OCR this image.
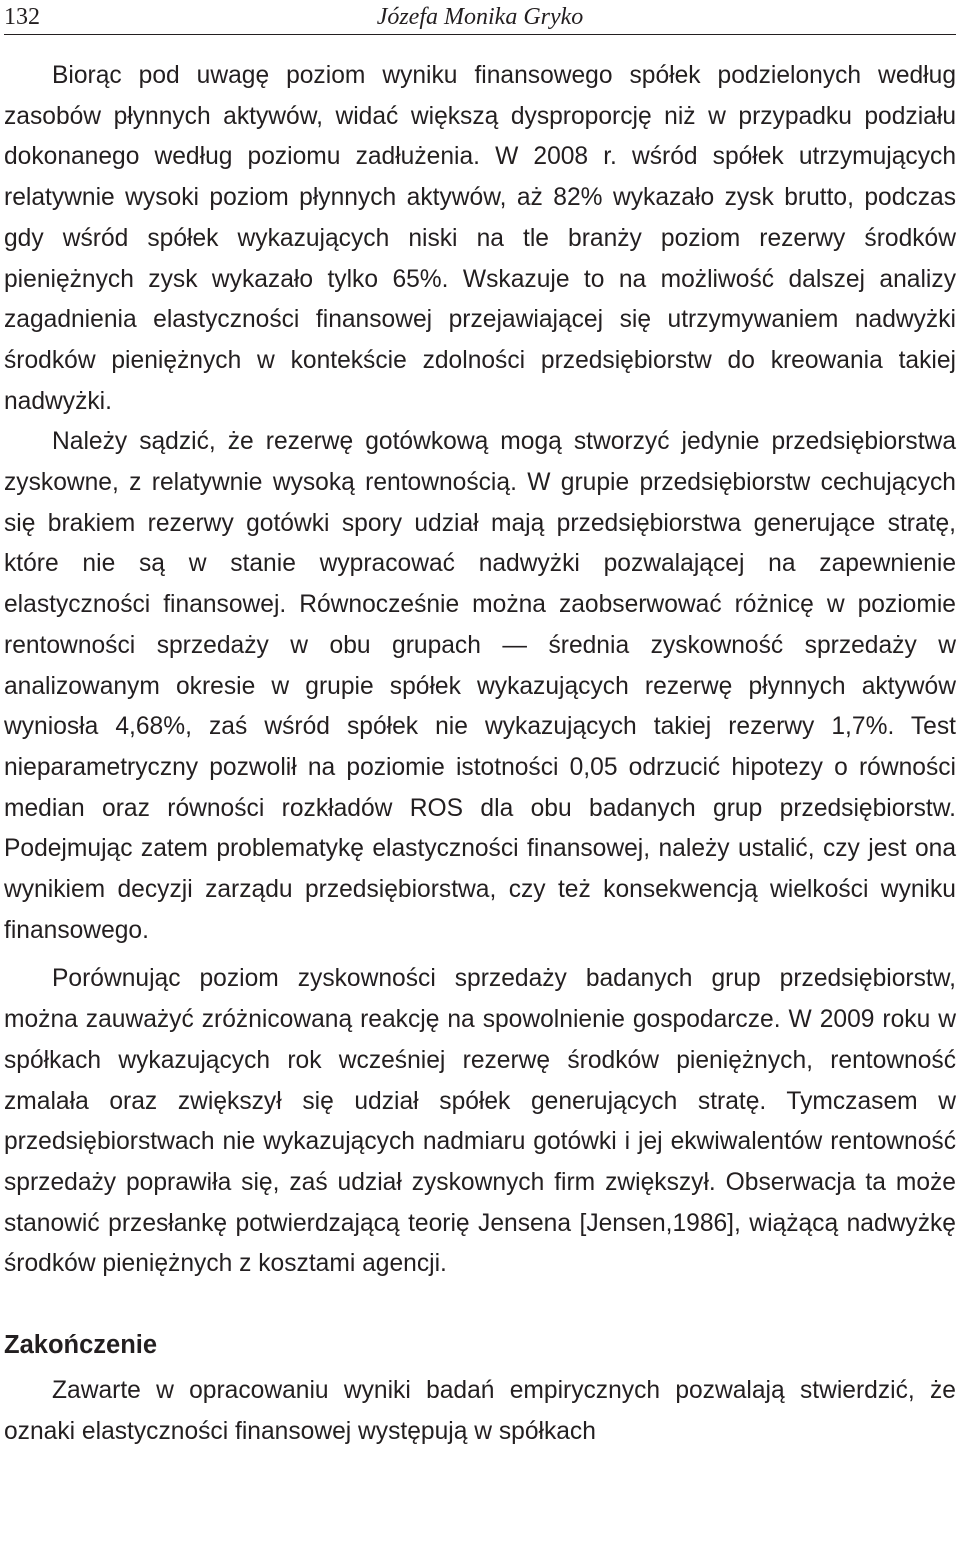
132	Józefa Monika Gryko

Biorąc pod uwagę poziom wyniku finansowego spółek podzielonych według zasobów płynnych aktywów, widać większą dysproporcję niż w przypadku podziału dokonanego według poziomu zadłużenia. W 2008 r. wśród spółek utrzymujących relatywnie wysoki poziom płynnych aktywów, aż 82% wykazało zysk brutto, podczas gdy wśród spółek wykazujących niski na tle branży poziom rezerwy środków pieniężnych zysk wykazało tylko 65%. Wskazuje to na możliwość dalszej analizy zagadnienia elastyczności finansowej przejawiającej się utrzymywaniem nadwyżki środków pieniężnych w kontekście zdolności przedsiębiorstw do kreowania takiej nadwyżki.

Należy sądzić, że rezerwę gotówkową mogą stworzyć jedynie przedsiębiorstwa zyskowne, z relatywnie wysoką rentownością. W grupie przedsiębiorstw cechujących się brakiem rezerwy gotówki spory udział mają przedsiębiorstwa generujące stratę, które nie są w stanie wypracować nadwyżki pozwalającej na zapewnienie elastyczności finansowej. Równocześnie można zaobserwować różnicę w poziomie rentowności sprzedaży w obu grupach — średnia zyskowność sprzedaży w analizowanym okresie w grupie spółek wykazujących rezerwę płynnych aktywów wyniosła 4,68%, zaś wśród spółek nie wykazujących takiej rezerwy 1,7%. Test nieparametryczny pozwolił na poziomie istotności 0,05 odrzucić hipotezy o równości median oraz równości rozkładów ROS dla obu badanych grup przedsiębiorstw. Podejmując zatem problematykę elastyczności finansowej, należy ustalić, czy jest ona wynikiem decyzji zarządu przedsiębiorstwa, czy też konsekwencją wielkości wyniku finansowego.

Porównując poziom zyskowności sprzedaży badanych grup przedsiębiorstw, można zauważyć zróżnicowaną reakcję na spowolnienie gospodarcze. W 2009 roku w spółkach wykazujących rok wcześniej rezerwę środków pieniężnych, rentowność zmalała oraz zwiększył się udział spółek generujących stratę. Tymczasem w przedsiębiorstwach nie wykazujących nadmiaru gotówki i jej ekwiwalentów rentowność sprzedaży poprawiła się, zaś udział zyskownych firm zwiększył. Obserwacja ta może stanowić przesłankę potwierdzającą teorię Jensena [Jensen,1986], wiążącą nadwyżkę środków pieniężnych z kosztami agencji.

Zakończenie

Zawarte w opracowaniu wyniki badań empirycznych pozwalają stwierdzić, że oznaki elastyczności finansowej występują w spółkach
